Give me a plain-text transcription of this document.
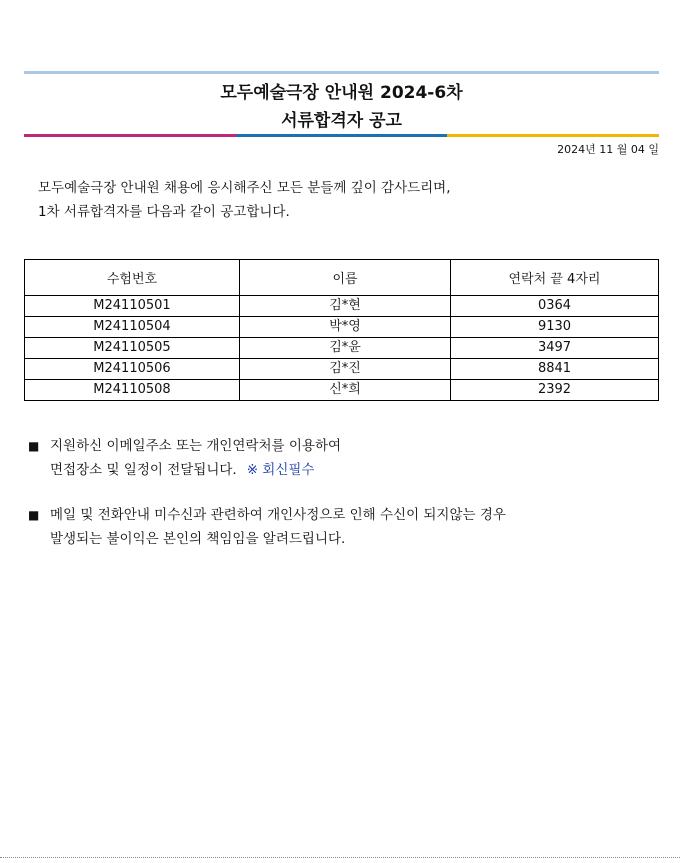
모두예술극장 안내원 2024-6차
서류합격자 공고
2024년 11 월 04 일
모두예술극장 안내원 채용에 응시해주신 모든 분들께 깊이 감사드리며,
1차 서류합격자를 다음과 같이 공고합니다.
수험번호	이름	연락처 끝 4자리
M24110501	김*현	0364
M24110504	박*영	9130
M24110505	김*윤	3497
M24110506	김*진	8841
M24110508	신*희	2392
■ 지원하신 이메일주소 또는 개인연락처를 이용하여
면접장소 및 일정이 전달됩니다. ※ 회신필수
■ 메일 및 전화안내 미수신과 관련하여 개인사정으로 인해 수신이 되지않는 경우
발생되는 불이익은 본인의 책임임을 알려드립니다.
